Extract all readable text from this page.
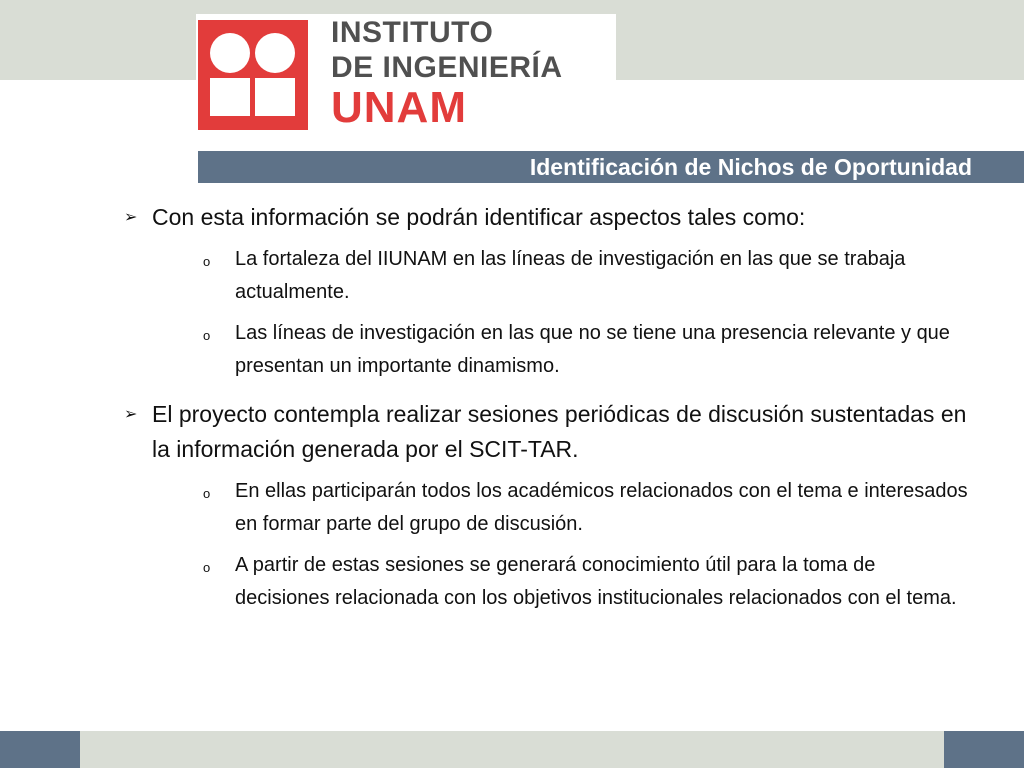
INSTITUTO
DE INGENIERÍA
UNAM
Identificación de Nichos de Oportunidad
➢ Con esta información se podrán identificar aspectos tales como:
o La fortaleza del IIUNAM en las líneas de investigación en las que se trabaja actualmente.
o Las líneas de investigación en las que no se tiene una presencia relevante y que presentan un importante dinamismo.
➢ El proyecto contempla realizar sesiones periódicas de discusión sustentadas en la información generada por el SCIT-TAR.
o En ellas participarán todos los académicos relacionados con el tema e interesados en formar parte del grupo de discusión.
o A partir de estas sesiones se generará conocimiento útil para la toma de decisiones relacionada con los objetivos institucionales relacionados con el tema.
